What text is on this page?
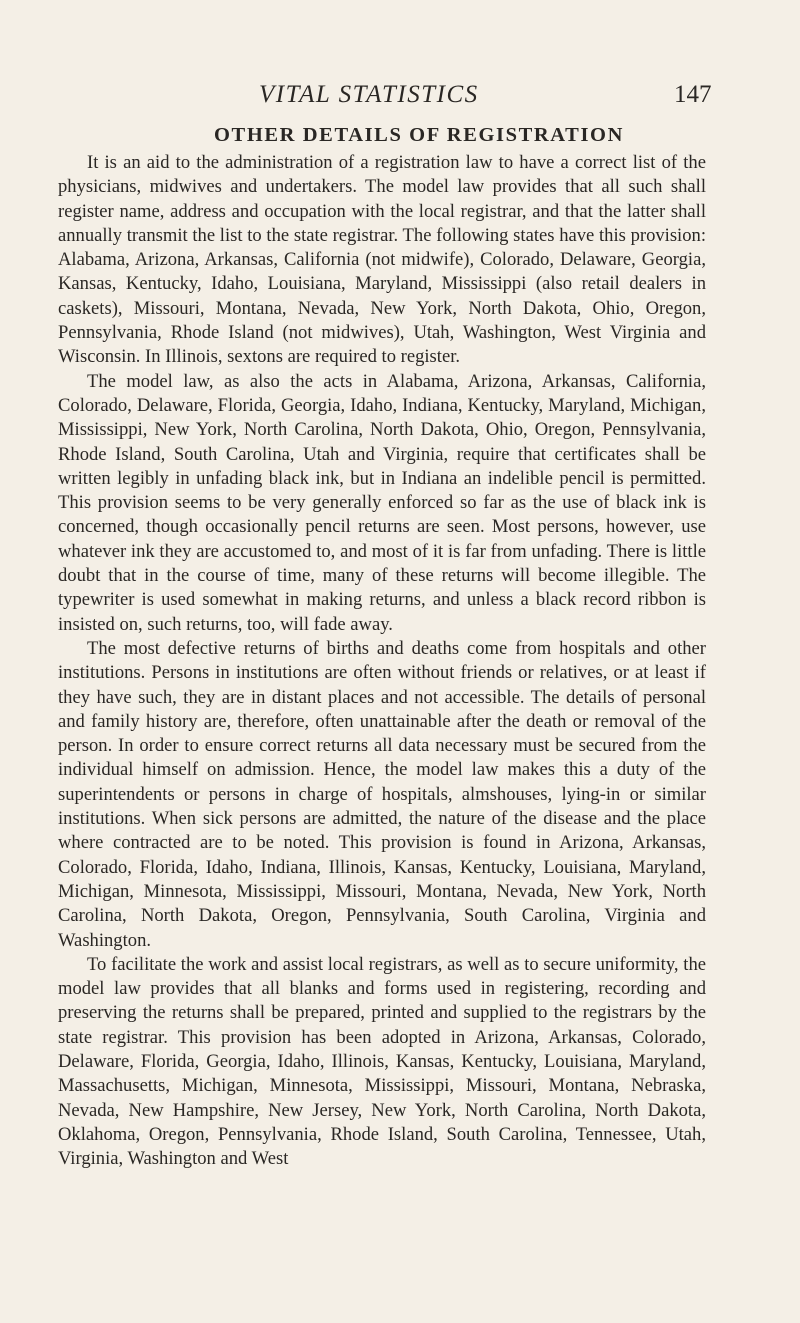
VITAL STATISTICS	147
OTHER DETAILS OF REGISTRATION

It is an aid to the administration of a registration law to have a correct list of the physicians, midwives and undertakers. The model law provides that all such shall register name, address and occupation with the local registrar, and that the latter shall annually transmit the list to the state registrar. The following states have this provision: Alabama, Arizona, Arkansas, California (not midwife), Colorado, Delaware, Georgia, Kansas, Kentucky, Idaho, Louisiana, Maryland, Mississippi (also retail dealers in caskets), Missouri, Montana, Nevada, New York, North Dakota, Ohio, Oregon, Pennsylvania, Rhode Island (not midwives), Utah, Washington, West Virginia and Wisconsin. In Illinois, sextons are required to register.

The model law, as also the acts in Alabama, Arizona, Arkansas, California, Colorado, Delaware, Florida, Georgia, Idaho, Indiana, Kentucky, Maryland, Michigan, Mississippi, New York, North Carolina, North Dakota, Ohio, Oregon, Pennsylvania, Rhode Island, South Carolina, Utah and Virginia, require that certificates shall be written legibly in unfading black ink, but in Indiana an indelible pencil is permitted. This provision seems to be very generally enforced so far as the use of black ink is concerned, though occasionally pencil returns are seen. Most persons, however, use whatever ink they are accustomed to, and most of it is far from unfading. There is little doubt that in the course of time, many of these returns will become illegible. The typewriter is used somewhat in making returns, and unless a black record ribbon is insisted on, such returns, too, will fade away.

The most defective returns of births and deaths come from hospitals and other institutions. Persons in institutions are often without friends or relatives, or at least if they have such, they are in distant places and not accessible. The details of personal and family history are, therefore, often unattainable after the death or removal of the person. In order to ensure correct returns all data necessary must be secured from the individual himself on admission. Hence, the model law makes this a duty of the superintendents or persons in charge of hospitals, almshouses, lying-in or similar institutions. When sick persons are admitted, the nature of the disease and the place where contracted are to be noted. This provision is found in Arizona, Arkansas, Colorado, Florida, Idaho, Indiana, Illinois, Kansas, Kentucky, Louisiana, Maryland, Michigan, Minnesota, Mississippi, Missouri, Montana, Nevada, New York, North Carolina, North Dakota, Oregon, Pennsylvania, South Carolina, Virginia and Washington.

To facilitate the work and assist local registrars, as well as to secure uniformity, the model law provides that all blanks and forms used in registering, recording and preserving the returns shall be prepared, printed and supplied to the registrars by the state registrar. This provision has been adopted in Arizona, Arkansas, Colorado, Delaware, Florida, Georgia, Idaho, Illinois, Kansas, Kentucky, Louisiana, Maryland, Massachusetts, Michigan, Minnesota, Mississippi, Missouri, Montana, Nebraska, Nevada, New Hampshire, New Jersey, New York, North Carolina, North Dakota, Oklahoma, Oregon, Pennsylvania, Rhode Island, South Carolina, Tennessee, Utah, Virginia, Washington and West
